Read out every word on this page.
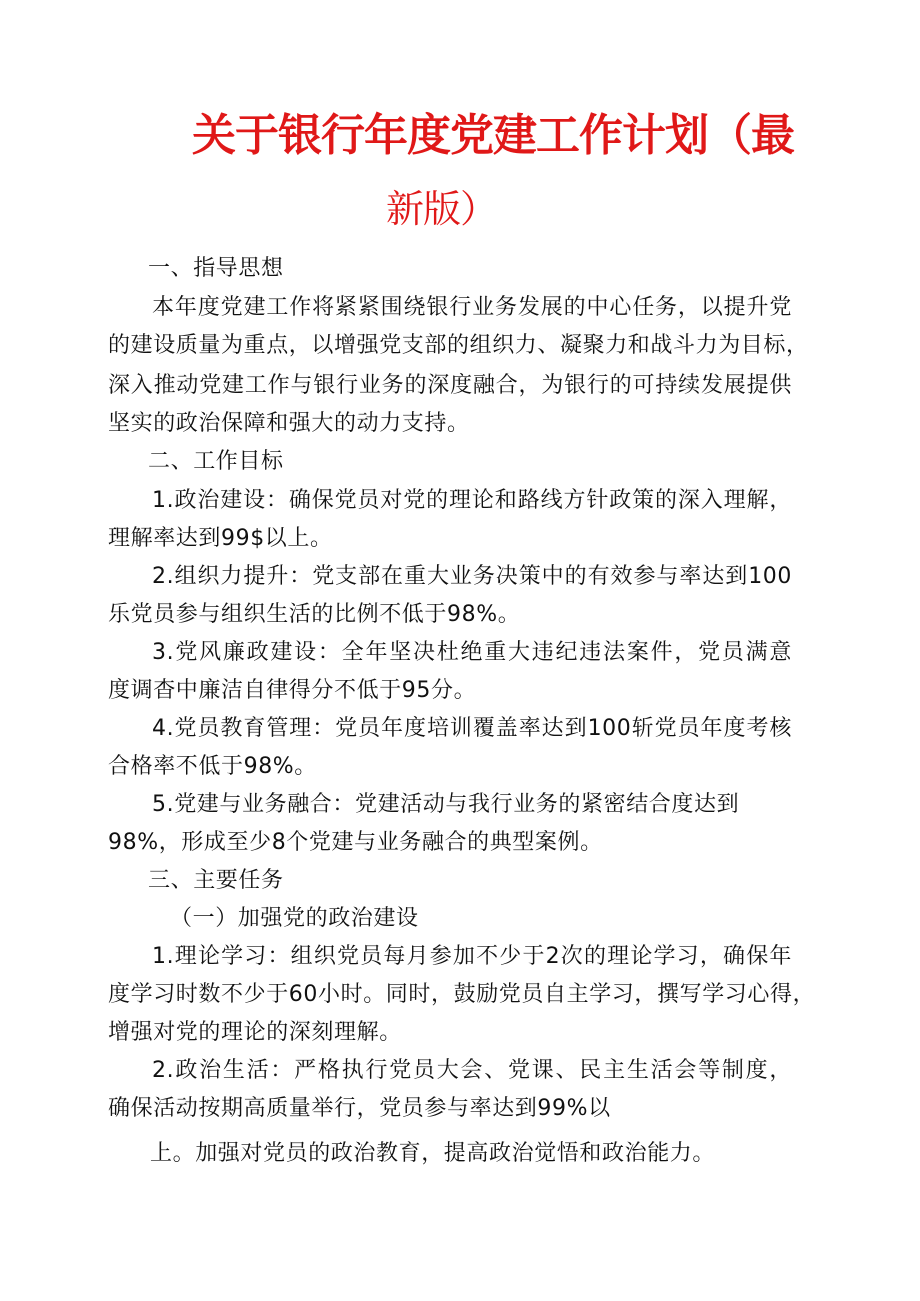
关于银行年度党建工作计划（最
新版）
一、指导思想
本年度党建工作将紧紧围绕银行业务发展的中心任务，以提升党
的建设质量为重点，以增强党支部的组织力、凝聚力和战斗力为目标，
深入推动党建工作与银行业务的深度融合，为银行的可持续发展提供
坚实的政治保障和强大的动力支持。
二、工作目标
1.政治建设：确保党员对党的理论和路线方针政策的深入理解，
理解率达到99$以上。
2.组织力提升：党支部在重大业务决策中的有效参与率达到100
乐党员参与组织生活的比例不低于98%。
3.党风廉政建设：全年坚决杜绝重大违纪违法案件，党员满意
度调杳中廉洁自律得分不低于95分。
4.党员教育管理：党员年度培训覆盖率达到100斩党员年度考核
合格率不低于98%。
5.党建与业务融合：党建活动与我行业务的紧密结合度达到
98%，形成至少8个党建与业务融合的典型案例。
三、主要任务
（一）加强党的政治建设
1.理论学习：组织党员每月参加不少于2次的理论学习，确保年
度学习时数不少于60小时。同时，鼓励党员自主学习，撰写学习心得，
增强对党的理论的深刻理解。
2.政治生活：严格执行党员大会、党课、民主生活会等制度，
确保活动按期高质量举行，党员参与率达到99%以
上。加强对党员的政治教育，提高政治觉悟和政治能力。
